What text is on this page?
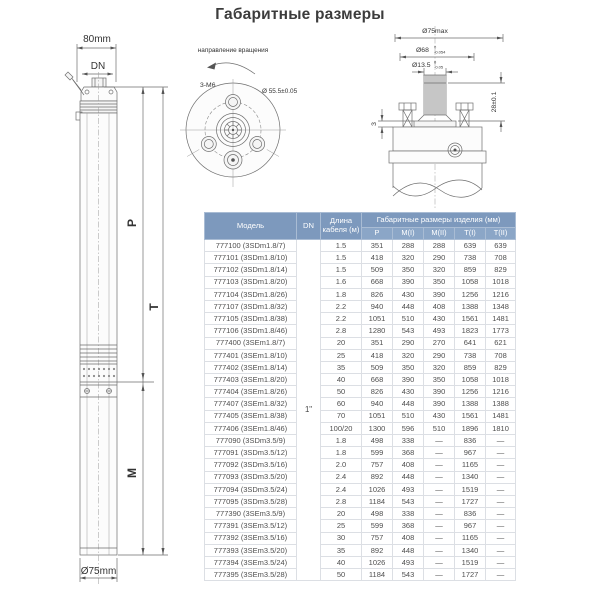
Габаритные размеры
80mm
DN
Ø75mm
P
T
M
направление вращения
3-M6
Ø 55.5±0.05
Ø75max
Ø68 0
-0.054
Ø13.5 0
-0.05
3
28±0.1
Модель	DN	Длина кабеля (м)	Габаритные размеры изделия (мм)				
			P	M(I)	M(II)	T(I)	T(II)
777100 (3SDm1.8/7)	1"	1.5	351	288	288	639	639
777101 (3SDm1.8/10)		1.5	418	320	290	738	708
777102 (3SDm1.8/14)		1.5	509	350	320	859	829
777103 (3SDm1.8/20)		1.6	668	390	350	1058	1018
777104 (3SDm1.8/26)		1.8	826	430	390	1256	1216
777107 (3SDm1.8/32)		2.2	940	448	408	1388	1348
777105 (3SDm1.8/38)		2.2	1051	510	430	1561	1481
777106 (3SDm1.8/46)		2.8	1280	543	493	1823	1773
777400 (3SEm1.8/7)		20	351	290	270	641	621
777401 (3SEm1.8/10)		25	418	320	290	738	708
777402 (3SEm1.8/14)		35	509	350	320	859	829
777403 (3SEm1.8/20)		40	668	390	350	1058	1018
777404 (3SEm1.8/26)		50	826	430	390	1256	1216
777407 (3SEm1.8/32)		60	940	448	390	1388	1388
777405 (3SEm1.8/38)		70	1051	510	430	1561	1481
777406 (3SEm1.8/46)		100/20	1300	596	510	1896	1810
777090 (3SDm3.5/9)		1.8	498	338	—	836	—
777091 (3SDm3.5/12)		1.8	599	368	—	967	—
777092 (3SDm3.5/16)		2.0	757	408	—	1165	—
777093 (3SDm3.5/20)		2.4	892	448	—	1340	—
777094 (3SDm3.5/24)		2.4	1026	493	—	1519	—
777095 (3SDm3.5/28)		2.8	1184	543	—	1727	—
777390 (3SEm3.5/9)		20	498	338	—	836	—
777391 (3SEm3.5/12)		25	599	368	—	967	—
777392 (3SEm3.5/16)		30	757	408	—	1165	—
777393 (3SEm3.5/20)		35	892	448	—	1340	—
777394 (3SEm3.5/24)		40	1026	493	—	1519	—
777395 (3SEm3.5/28)		50	1184	543	—	1727	—
